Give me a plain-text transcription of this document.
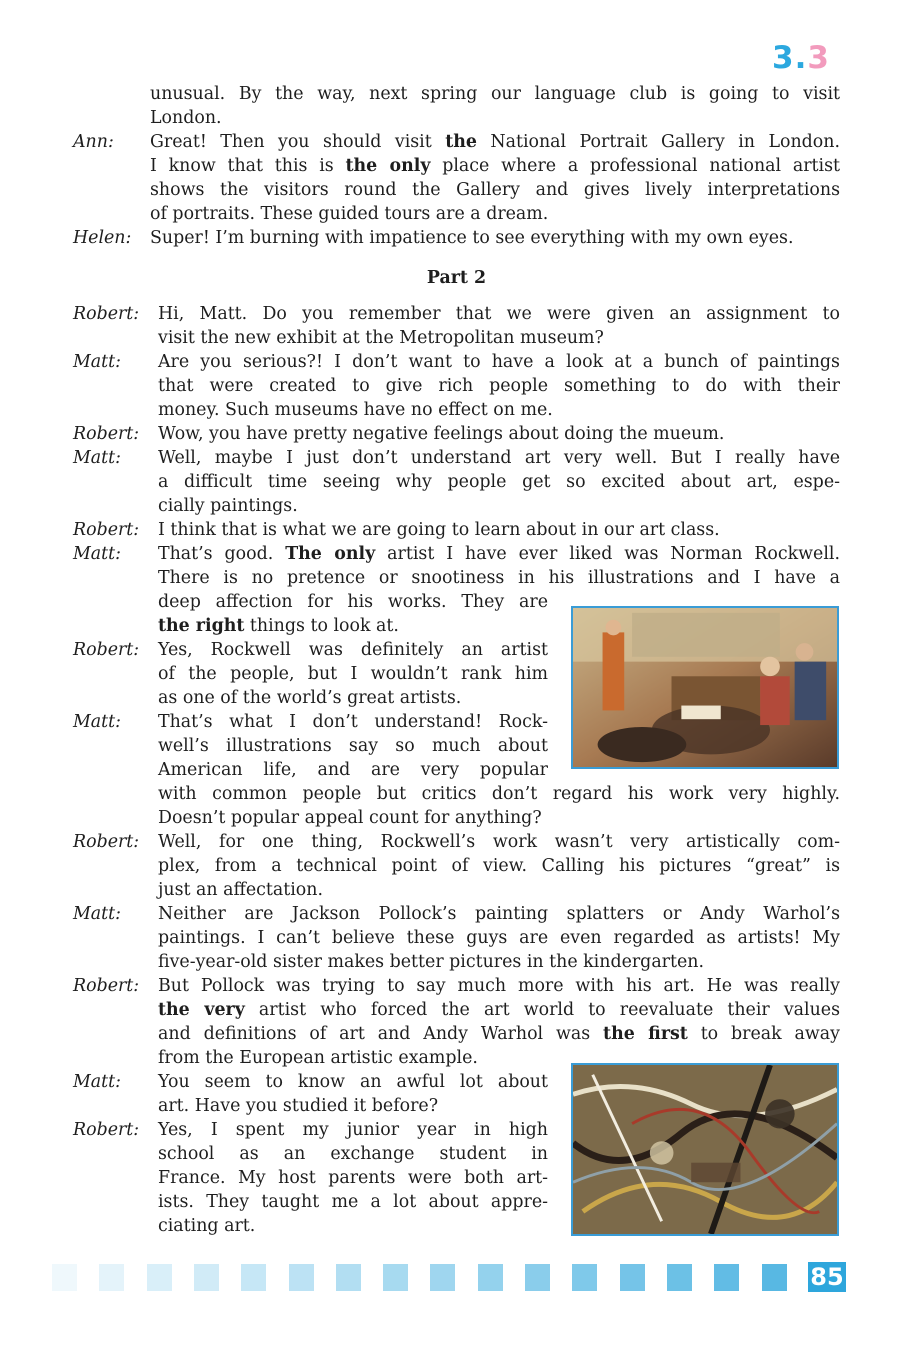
3.3
unusual. By the way, next spring our language club is going to visit
London.
Ann:	Great! Then you should visit the National Portrait Gallery in London.
I know that this is the only place where a professional national artist
shows the visitors round the Gallery and gives lively interpretations
of portraits. These guided tours are a dream.
Helen:	Super! I’m burning with impatience to see everything with my own eyes.
Part 2
Robert:	Hi, Matt. Do you remember that we were given an assignment to
visit the new exhibit at the Metropolitan museum?
Matt:	Are you serious?! I don’t want to have a look at a bunch of paintings
that were created to give rich people something to do with their
money. Such museums have no effect on me.
Robert:	Wow, you have pretty negative feelings about doing the mueum.
Matt:	Well, maybe I just don’t understand art very well. But I really have
a difficult time seeing why people get so excited about art, espe-
cially paintings.
Robert:	I think that is what we are going to learn about in our art class.
Matt:	That’s good. The only artist I have ever liked was Norman Rockwell.
There is no pretence or snootiness in his illustrations and I have a
deep affection for his works. They are
the right things to look at.
Robert:	Yes, Rockwell was definitely an artist
of the people, but I wouldn’t rank him
as one of the world’s great artists.
Matt:	That’s what I don’t understand! Rock-
well’s illustrations say so much about
American life, and are very popular
with common people but critics don’t regard his work very highly.
Doesn’t popular appeal count for anything?
Robert:	Well, for one thing, Rockwell’s work wasn’t very artistically com-
plex, from a technical point of view. Calling his pictures “great” is
just an affectation.
Matt:	Neither are Jackson Pollock’s painting splatters or Andy Warhol’s
paintings. I can’t believe these guys are even regarded as artists! My
five-year-old sister makes better pictures in the kindergarten.
Robert:	But Pollock was trying to say much more with his art. He was really
the very artist who forced the art world to reevaluate their values
and definitions of art and Andy Warhol was the first to break away
from the European artistic example.
Matt:	You seem to know an awful lot about
art. Have you studied it before?
Robert:	Yes, I spent my junior year in high
school as an exchange student in
France. My host parents were both art-
ists. They taught me a lot about appre-
ciating art.
85
